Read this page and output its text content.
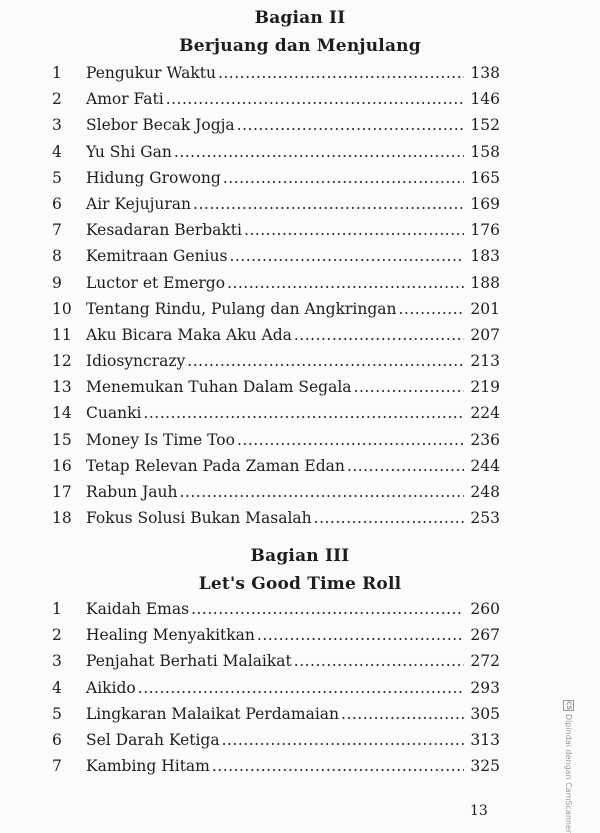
Bagian II
Berjuang dan Menjulang
1	Pengukur Waktu .....	138
2	Amor Fati .....	146
3	Slebor Becak Jogja .....	152
4	Yu Shi Gan .....	158
5	Hidung Growong .....	165
6	Air Kejujuran .....	169
7	Kesadaran Berbakti .....	176
8	Kemitraan Genius .....	183
9	Luctor et Emergo .....	188
10 Tentang Rindu, Pulang dan Angkringan .....	201
11 Aku Bicara Maka Aku Ada .....	207
12 Idiosyncrazy .....	213
13 Menemukan Tuhan Dalam Segala .....	219
14 Cuanki .....	224
15 Money Is Time Too .....	236
16 Tetap Relevan Pada Zaman Edan .....	244
17 Rabun Jauh .....	248
18 Fokus Solusi Bukan Masalah .....	253
Bagian III
Let's Good Time Roll
1	Kaidah Emas .....	260
2	Healing Menyakitkan .....	267
3	Penjahat Berhati Malaikat .....	272
4	Aikido .....	293
5	Lingkaran Malaikat Perdamaian .....	305
6	Sel Darah Ketiga .....	313
7	Kambing Hitam .....	325
13
CS
Dipindai dengan CamScanner
